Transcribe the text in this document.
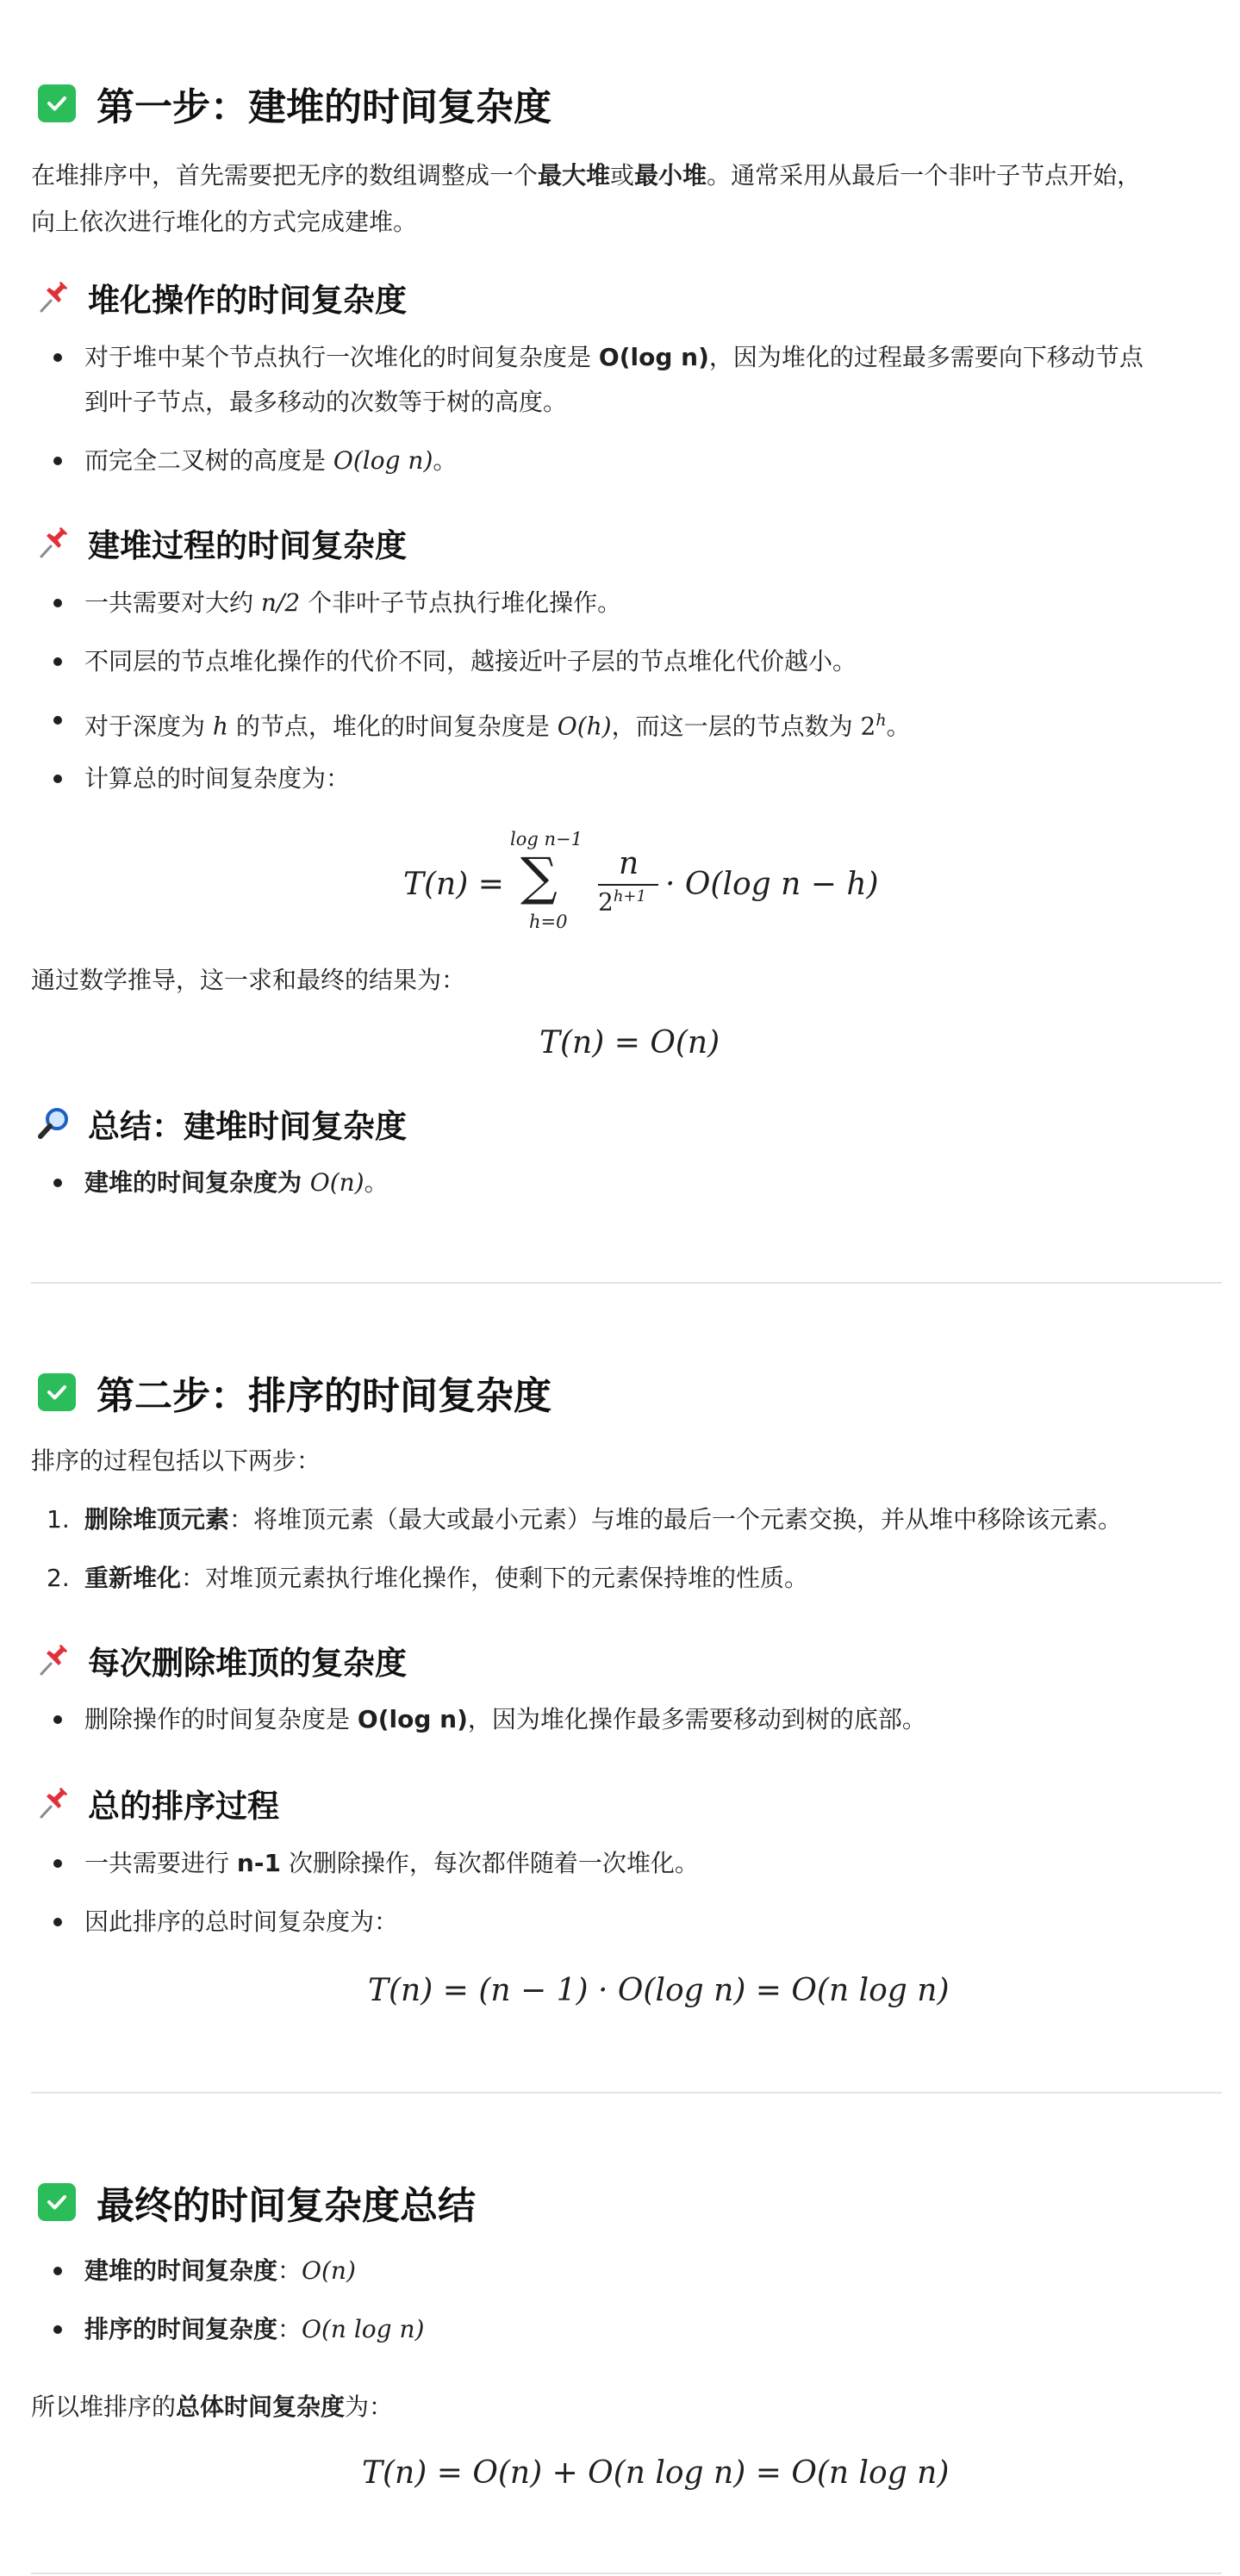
第一步：建堆的时间复杂度
在堆排序中，首先需要把无序的数组调整成一个最大堆或最小堆。通常采用从最后一个非叶子节点开始，
向上依次进行堆化的方式完成建堆。
堆化操作的时间复杂度
对于堆中某个节点执行一次堆化的时间复杂度是 O(log n)，因为堆化的过程最多需要向下移动节点
到叶子节点，最多移动的次数等于树的高度。
而完全二叉树的高度是 O(log n)。
建堆过程的时间复杂度
一共需要对大约 n/2 个非叶子节点执行堆化操作。
不同层的节点堆化操作的代价不同，越接近叶子层的节点堆化代价越小。
对于深度为 h 的节点，堆化的时间复杂度是 O(h)，而这一层的节点数为 2$^h$。
计算总的时间复杂度为：
T(n) =
log n−1
∑
h=0
n
$2^{h+1} \cdot O(\log$ n − h)
通过数学推导，这一求和最终的结果为：
T(n) = O(n)
总结：建堆时间复杂度
建堆的时间复杂度为 O(n)。
第二步：排序的时间复杂度
排序的过程包括以下两步：
1. 删除堆顶元素：将堆顶元素（最大或最小元素）与堆的最后一个元素交换，并从堆中移除该元素。
2. 重新堆化：对堆顶元素执行堆化操作，使剩下的元素保持堆的性质。
每次删除堆顶的复杂度
删除操作的时间复杂度是 O(log n)，因为堆化操作最多需要移动到树的底部。
总的排序过程
一共需要进行 n-1 次删除操作，每次都伴随着一次堆化。
因此排序的总时间复杂度为：
T(n) = (n − 1) · O(log n) = O(n log n)
最终的时间复杂度总结
建堆的时间复杂度：O(n)
排序的时间复杂度：O(n log n)
所以堆排序的总体时间复杂度为：
T(n) = O(n) + O(n log n) = O(n log n)
